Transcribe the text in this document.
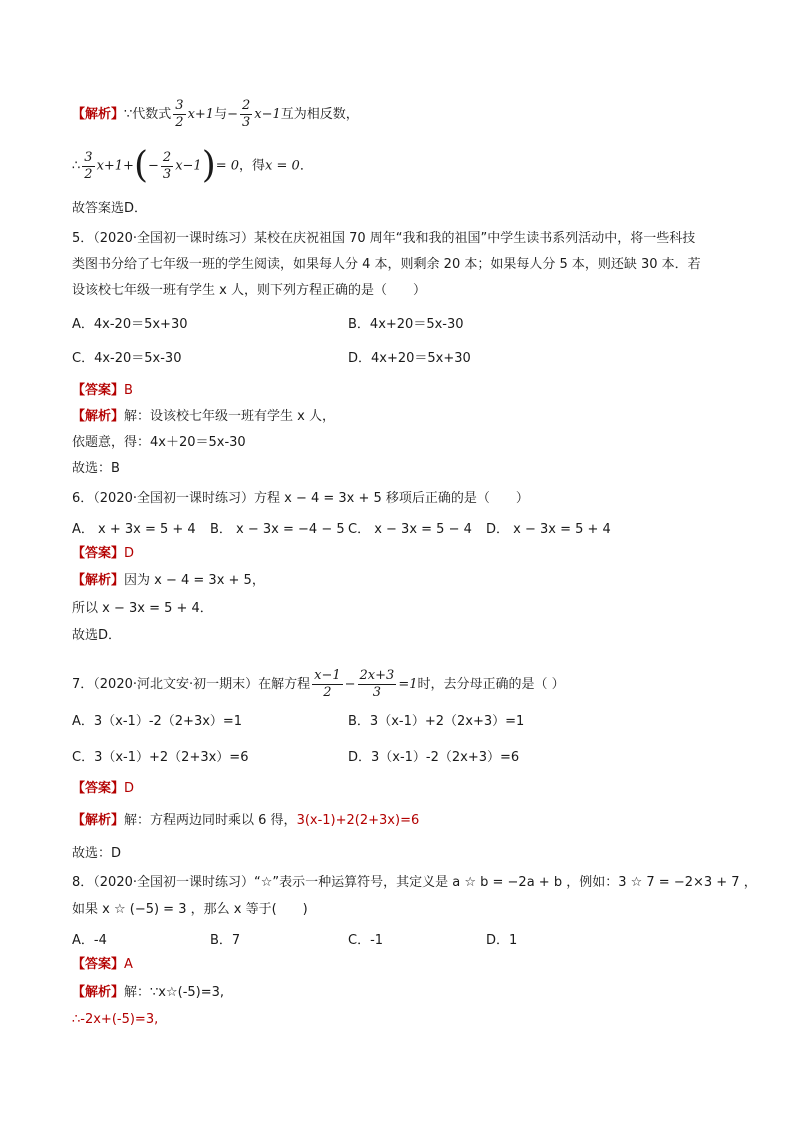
【解析】∵代数式 $\frac{3}{2} x+1$与− $\frac{2}{3} x-1$互为相反数，
∴ $\frac{3}{2} x+1+(- \frac{2}{3} x-1)= 0$，得x = 0．
故答案选D．
5．（2020·全国初一课时练习）某校在庆祝祖国 70 周年“我和我的祖国”中学生读书系列活动中，将一些科技
类图书分给了七年级一班的学生阅读，如果每人分 4 本，则剩余 20 本；如果每人分 5 本，则还缺 30 本．若
设该校七年级一班有学生 x 人，则下列方程正确的是（　　）
A．4x-20＝5x+30	B．4x+20＝5x-30
C．4x-20＝5x-30	D．4x+20＝5x+30
【答案】B
【解析】解：设该校七年级一班有学生 x 人，
依题意，得：4x＋20＝5x-30
故选：B
6．（2020·全国初一课时练习）方程 x − 4 = 3x + 5 移项后正确的是（　　）
A． x + 3x = 5 + 4 B． x − 3x = −4 − 5 C． x − 3x = 5 − 4 D． x − 3x = 5 + 4
【答案】D
【解析】因为 x − 4 = 3x + 5，
所以 x − 3x = 5 + 4．
故选D．
7．（2020·河北文安·初一期末）在解方程 $\frac{x-1}{2} - \frac{2x+3}{3} =1$时，去分母正确的是（ ）
A．3（x-1）-2（2+3x）=1	B．3（x-1）+2（2x+3）=1
C．3（x-1）+2（2+3x）=6	D．3（x-1）-2（2x+3）=6
【答案】D
【解析】解：方程两边同时乘以 6 得，3(x-1)+2(2+3x)=6
故选：D
8．（2020·全国初一课时练习）“☆”表示一种运算符号，其定义是 a ☆ b = −2a + b ，例如：3 ☆ 7 = −2×3 + 7 ，
如果 x ☆ (−5) = 3 ，那么 x 等于(　　)
A．-4	B．7	C．-1	D．1
【答案】A
【解析】解：∵x☆(-5)=3,
∴-2x+(-5)=3,
